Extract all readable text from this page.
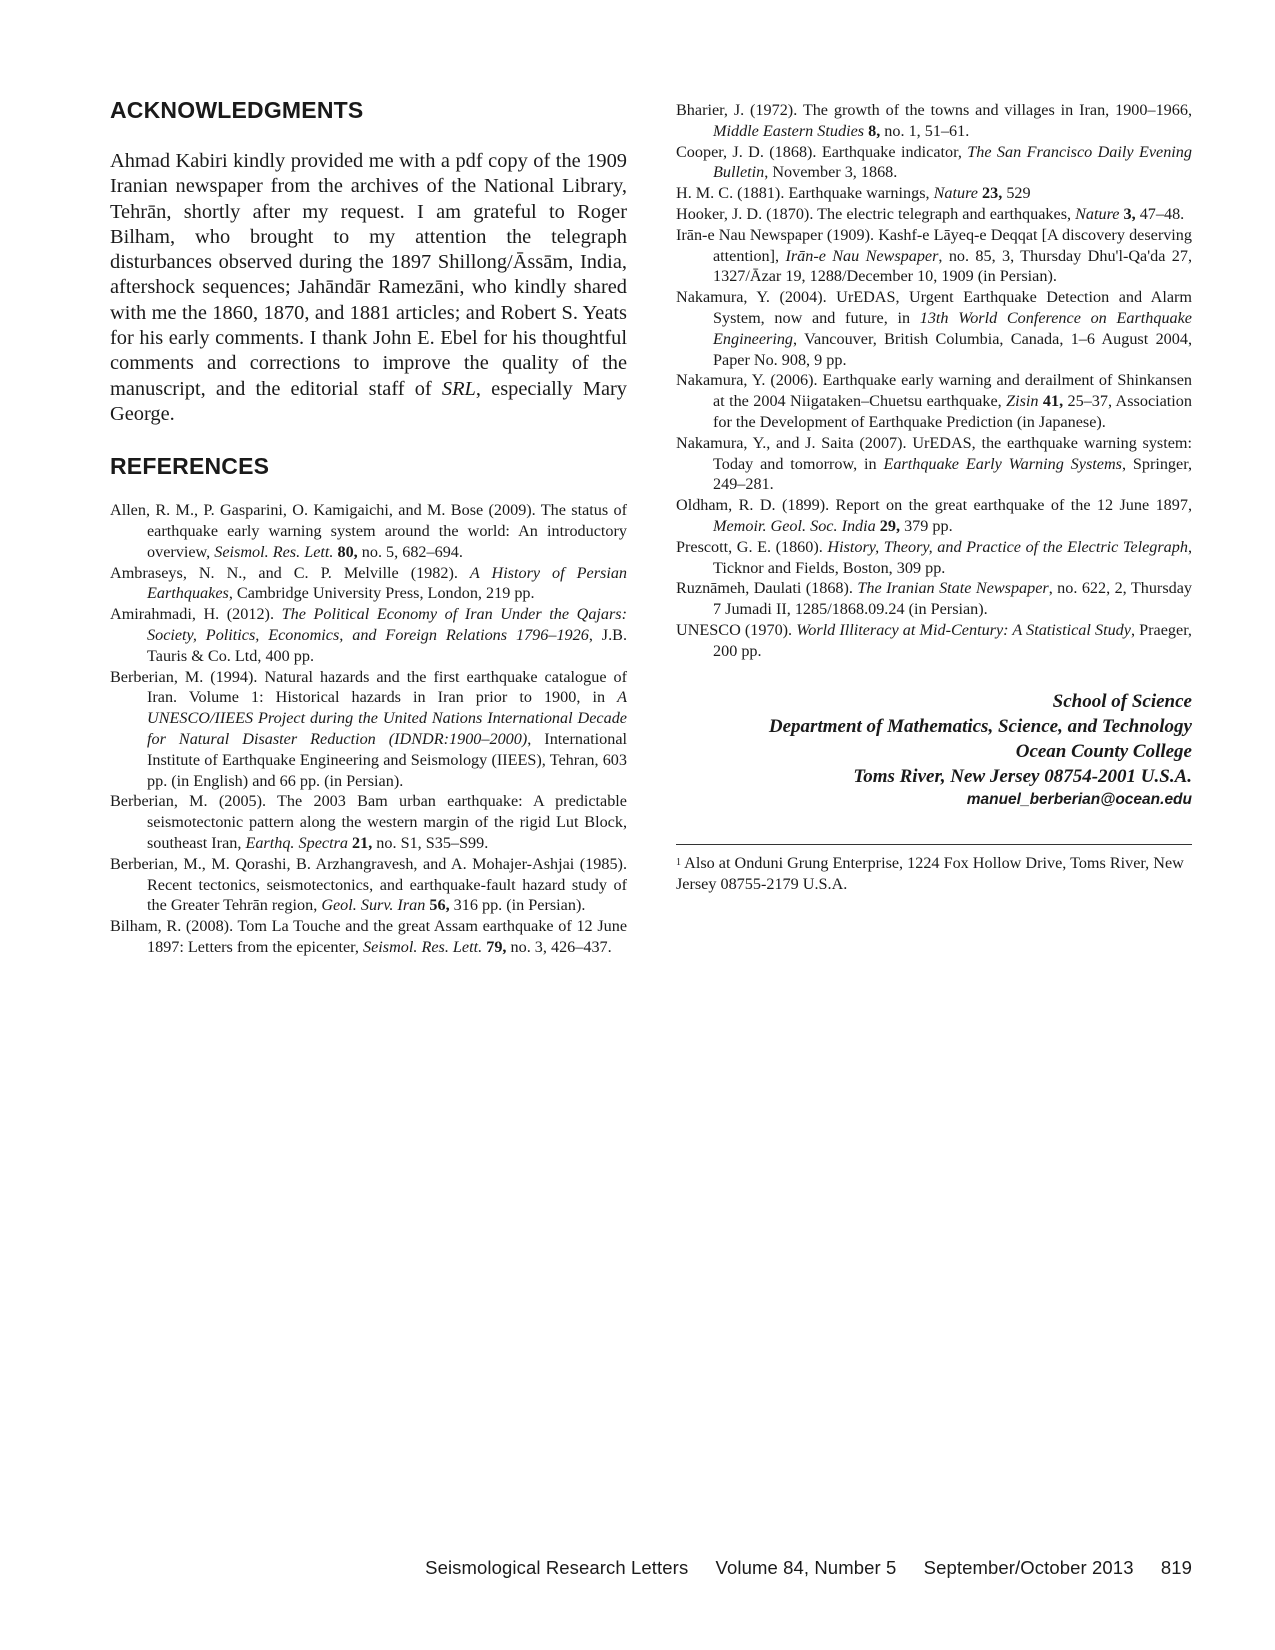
ACKNOWLEDGMENTS

Ahmad Kabiri kindly provided me with a pdf copy of the 1909 Iranian newspaper from the archives of the National Library, Tehrān, shortly after my request. I am grateful to Roger Bilham, who brought to my attention the telegraph disturbances observed during the 1897 Shillong/Āssām, India, aftershock sequences; Jahāndār Ramezāni, who kindly shared with me the 1860, 1870, and 1881 articles; and Robert S. Yeats for his early comments. I thank John E. Ebel for his thoughtful comments and corrections to improve the quality of the manuscript, and the editorial staff of SRL, especially Mary George.

REFERENCES
Allen, R. M., P. Gasparini, O. Kamigaichi, and M. Bose (2009). The status of earthquake early warning system around the world: An introductory overview, Seismol. Res. Lett. 80, no. 5, 682–694.
Ambraseys, N. N., and C. P. Melville (1982). A History of Persian Earthquakes, Cambridge University Press, London, 219 pp.
Amirahmadi, H. (2012). The Political Economy of Iran Under the Qajars: Society, Politics, Economics, and Foreign Relations 1796–1926, J.B. Tauris & Co. Ltd, 400 pp.
Berberian, M. (1994). Natural hazards and the first earthquake catalogue of Iran. Volume 1: Historical hazards in Iran prior to 1900, in A UNESCO/IIEES Project during the United Nations International Decade for Natural Disaster Reduction (IDNDR:1900–2000), International Institute of Earthquake Engineering and Seismology (IIEES), Tehran, 603 pp. (in English) and 66 pp. (in Persian).
Berberian, M. (2005). The 2003 Bam urban earthquake: A predictable seismotectonic pattern along the western margin of the rigid Lut Block, southeast Iran, Earthq. Spectra 21, no. S1, S35–S99.
Berberian, M., M. Qorashi, B. Arzhangravesh, and A. Mohajer-Ashjai (1985). Recent tectonics, seismotectonics, and earthquake-fault hazard study of the Greater Tehrān region, Geol. Surv. Iran 56, 316 pp. (in Persian).
Bilham, R. (2008). Tom La Touche and the great Assam earthquake of 12 June 1897: Letters from the epicenter, Seismol. Res. Lett. 79, no. 3, 426–437.
Bharier, J. (1972). The growth of the towns and villages in Iran, 1900–1966, Middle Eastern Studies 8, no. 1, 51–61.
Cooper, J. D. (1868). Earthquake indicator, The San Francisco Daily Evening Bulletin, November 3, 1868.
H. M. C. (1881). Earthquake warnings, Nature 23, 529
Hooker, J. D. (1870). The electric telegraph and earthquakes, Nature 3, 47–48.
Irān-e Nau Newspaper (1909). Kashf-e Lāyeq-e Deqqat [A discovery deserving attention], Irān-e Nau Newspaper, no. 85, 3, Thursday Dhu'l-Qa'da 27, 1327/Āzar 19, 1288/December 10, 1909 (in Persian).
Nakamura, Y. (2004). UrEDAS, Urgent Earthquake Detection and Alarm System, now and future, in 13th World Conference on Earthquake Engineering, Vancouver, British Columbia, Canada, 1–6 August 2004, Paper No. 908, 9 pp.
Nakamura, Y. (2006). Earthquake early warning and derailment of Shinkansen at the 2004 Niigataken–Chuetsu earthquake, Zisin 41, 25–37, Association for the Development of Earthquake Prediction (in Japanese).
Nakamura, Y., and J. Saita (2007). UrEDAS, the earthquake warning system: Today and tomorrow, in Earthquake Early Warning Systems, Springer, 249–281.
Oldham, R. D. (1899). Report on the great earthquake of the 12 June 1897, Memoir. Geol. Soc. India 29, 379 pp.
Prescott, G. E. (1860). History, Theory, and Practice of the Electric Telegraph, Ticknor and Fields, Boston, 309 pp.
Ruznāmeh, Daulati (1868). The Iranian State Newspaper, no. 622, 2, Thursday 7 Jumadi II, 1285/1868.09.24 (in Persian).
UNESCO (1970). World Illiteracy at Mid-Century: A Statistical Study, Praeger, 200 pp.
School of Science
Department of Mathematics, Science, and Technology
Ocean County College
Toms River, New Jersey 08754-2001 U.S.A.
manuel_berberian@ocean.edu
$^1$ Also at Onduni Grung Enterprise, 1224 Fox Hollow Drive, Toms River, New Jersey 08755-2179 U.S.A.
Seismological Research Letters Volume 84, Number 5 September/October 2013 819
